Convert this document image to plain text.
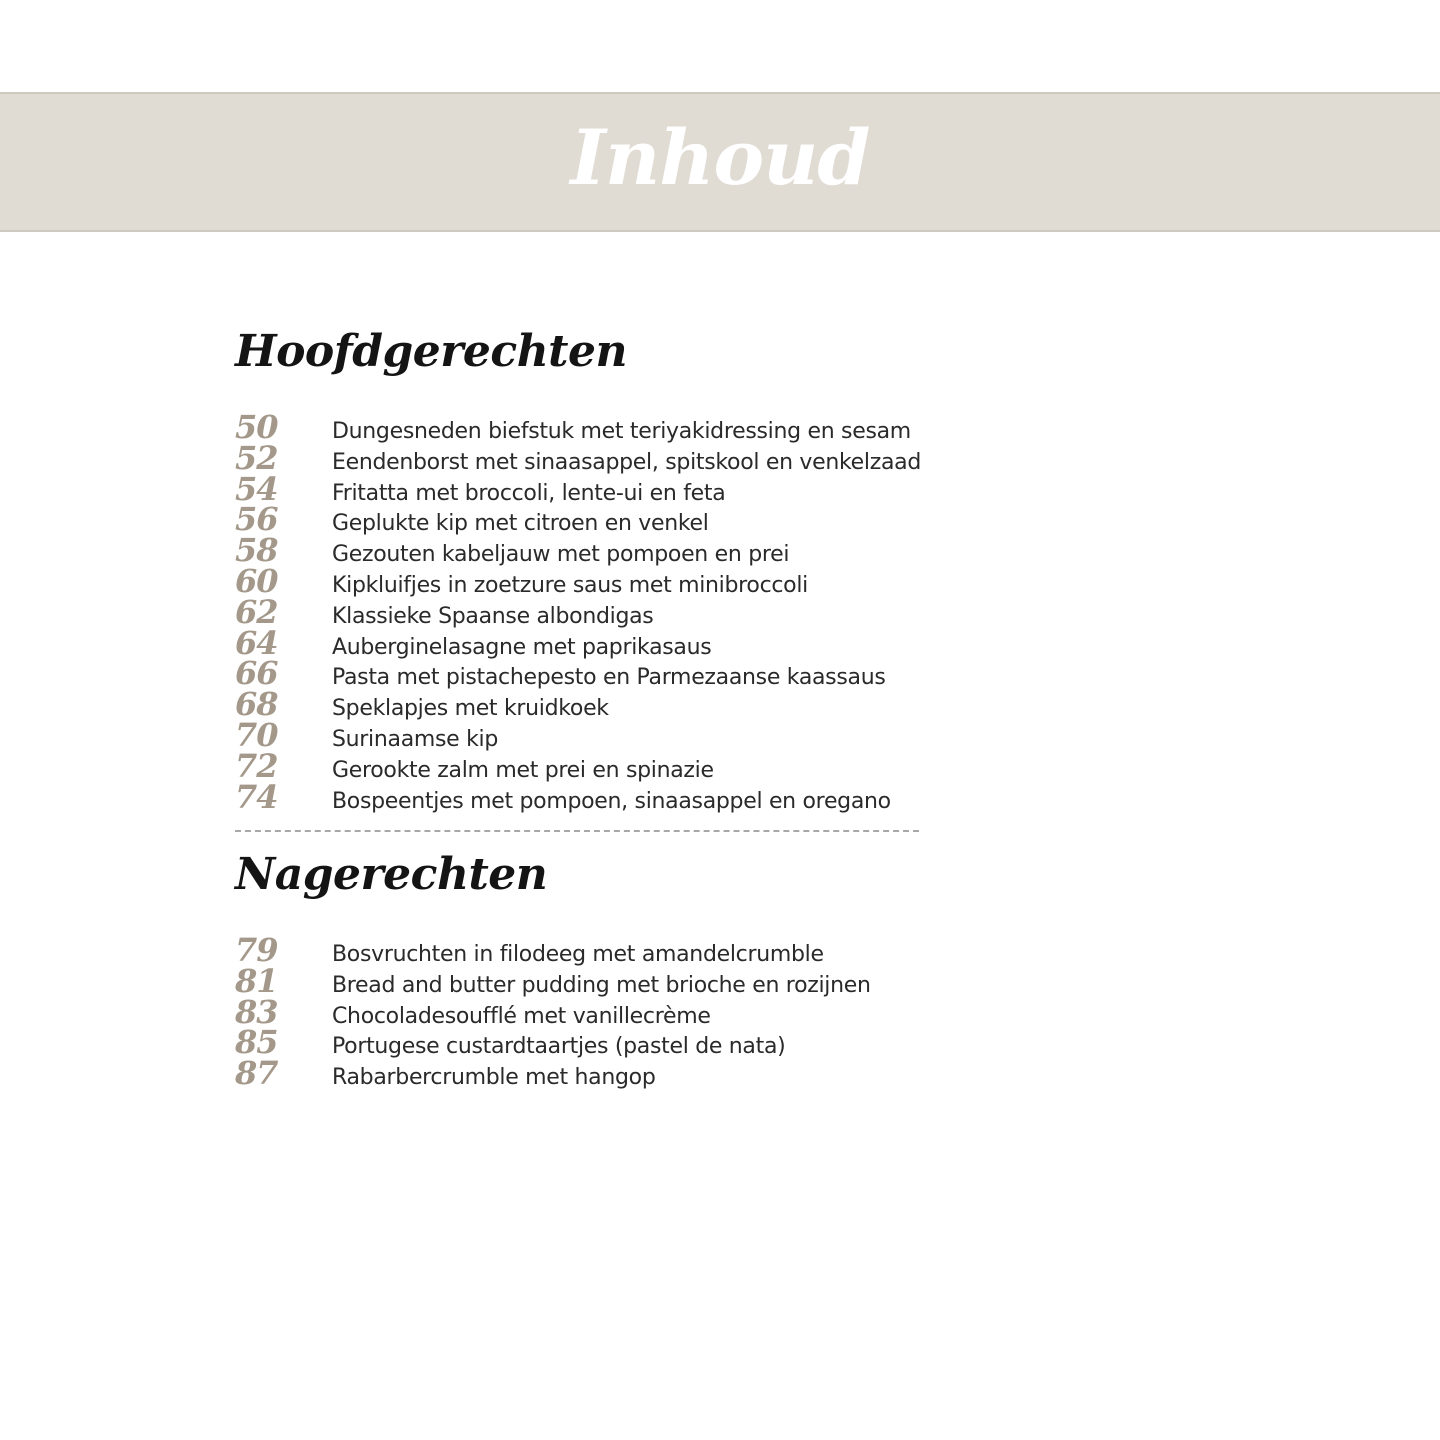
Inhoud
Hoofdgerechten
50	Dungesneden biefstuk met teriyakidressing en sesam
52	Eendenborst met sinaasappel, spitskool en venkelzaad
54	Fritatta met broccoli, lente-ui en feta
56	Geplukte kip met citroen en venkel
58	Gezouten kabeljauw met pompoen en prei
60	Kipkluifjes in zoetzure saus met minibroccoli
62	Klassieke Spaanse albondigas
64	Auberginelasagne met paprikasaus
66	Pasta met pistachepesto en Parmezaanse kaassaus
68	Speklapjes met kruidkoek
70	Surinaamse kip
72	Gerookte zalm met prei en spinazie
74	Bospeentjes met pompoen, sinaasappel en oregano
Nagerechten
79	Bosvruchten in filodeeg met amandelcrumble
81	Bread and butter pudding met brioche en rozijnen
83	Chocoladesoufflé met vanillecrème
85	Portugese custardtaartjes (pastel de nata)
87	Rabarbercrumble met hangop
